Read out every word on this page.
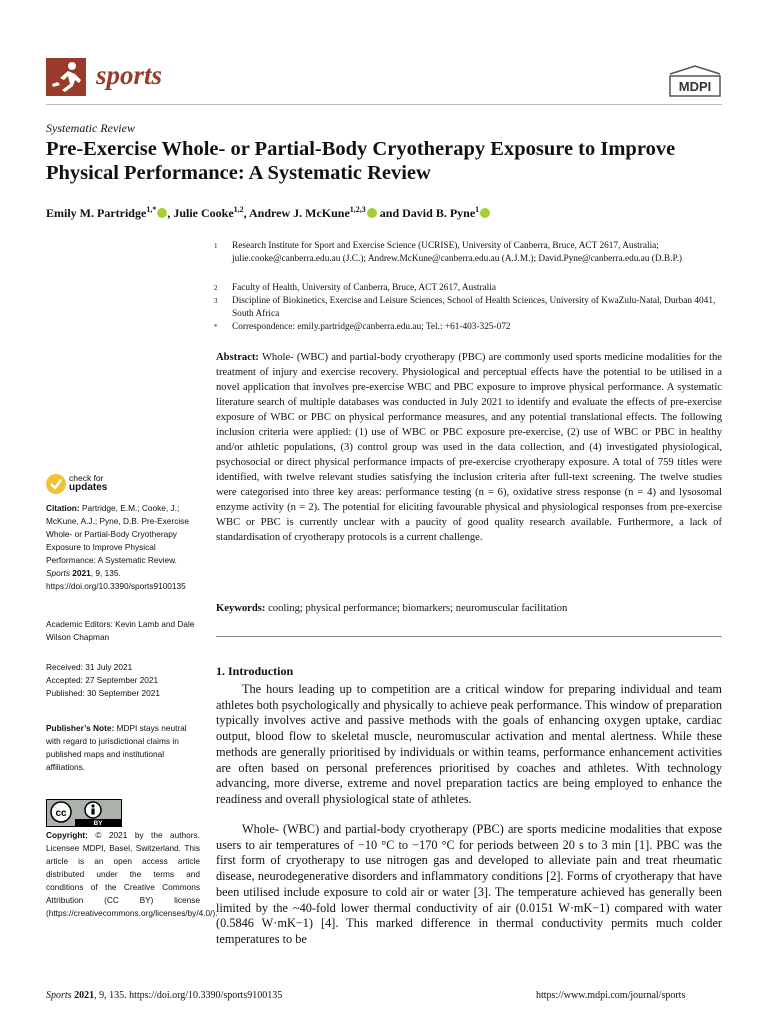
sports	MDPI
Systematic Review
Pre-Exercise Whole- or Partial-Body Cryotherapy Exposure to Improve Physical Performance: A Systematic Review
Emily M. Partridge$^{1,*}$ , Julie Cooke$^{1,2}$, Andrew J. McKune$^{1,2,3}$ and David B. Pyne$^1$
1 Research Institute for Sport and Exercise Science (UCRISE), University of Canberra, Bruce, ACT 2617, Australia; julie.cooke@canberra.edu.au (J.C.); Andrew.McKune@canberra.edu.au (A.J.M.); David.Pyne@canberra.edu.au (D.B.P.)
2 Faculty of Health, University of Canberra, Bruce, ACT 2617, Australia
3 Discipline of Biokinetics, Exercise and Leisure Sciences, School of Health Sciences, University of KwaZulu-Natal, Durban 4041, South Africa
* Correspondence: emily.partridge@canberra.edu.au; Tel.: +61-403-325-072
Abstract: Whole- (WBC) and partial-body cryotherapy (PBC) are commonly used sports medicine modalities for the treatment of injury and exercise recovery. Physiological and perceptual effects have the potential to be utilised in a novel application that involves pre-exercise WBC and PBC exposure to improve physical performance. A systematic literature search of multiple databases was conducted in July 2021 to identify and evaluate the effects of pre-exercise exposure of WBC or PBC on physical performance measures, and any potential translational effects. The following inclusion criteria were applied: (1) use of WBC or PBC exposure pre-exercise, (2) use of WBC or PBC in healthy and/or athletic populations, (3) control group was used in the data collection, and (4) investigated physiological, psychosocial or direct physical performance impacts of pre-exercise cryotherapy exposure. A total of 759 titles were identified, with twelve relevant studies satisfying the inclusion criteria after full-text screening. The twelve studies were categorised into three key areas: performance testing (n = 6), oxidative stress response (n = 4) and lysosomal enzyme activity (n = 2). The potential for eliciting favourable physical and physiological responses from pre-exercise WBC or PBC is currently unclear with a paucity of good quality research available. Furthermore, a lack of standardisation of cryotherapy protocols is a current challenge.
Keywords: cooling; physical performance; biomarkers; neuromuscular facilitation
check for
updates
Citation: Partridge, E.M.; Cooke, J.; McKune, A.J.; Pyne, D.B. Pre-Exercise Whole- or Partial-Body Cryotherapy Exposure to Improve Physical Performance: A Systematic Review. Sports 2021, 9, 135. https://doi.org/10.3390/sports9100135
Academic Editors: Kevin Lamb and Dale Wilson Chapman
Received: 31 July 2021
Accepted: 27 September 2021
Published: 30 September 2021
Publisher’s Note: MDPI stays neutral with regard to jurisdictional claims in published maps and institutional affiliations.
cc
BY
Copyright: © 2021 by the authors. Licensee MDPI, Basel, Switzerland. This article is an open access article distributed under the terms and conditions of the Creative Commons Attribution (CC BY) license (https://creativecommons.org/licenses/by/4.0/).
1. Introduction
The hours leading up to competition are a critical window for preparing individual and team athletes both psychologically and physically to achieve peak performance. This window of preparation typically involves active and passive methods with the goals of enhancing oxygen uptake, cardiac output, blood flow to skeletal muscle, neuromuscular activation and mental alertness. While these methods are generally prioritised by individuals or within teams, performance enhancement activities are often based on personal preferences prioritised by coaches and athletes. With technology advancing, more diverse, extreme and novel preparation tactics are being employed to enhance the readiness and overall physiological state of athletes.
Whole- (WBC) and partial-body cryotherapy (PBC) are sports medicine modalities that expose users to air temperatures of −10 °C to −170 °C for periods between 20 s to 3 min [1]. PBC was the first form of cryotherapy to use nitrogen gas and developed to alleviate pain and treat rheumatic disease, neurodegenerative disorders and inflammatory conditions [2]. Forms of cryotherapy that have been utilised include exposure to cold air or water [3]. The temperature achieved has generally been limited by the ~40-fold lower thermal conductivity of air (0.0151 W·mK−1) compared with water (0.5846 W·mK−1) [4]. This marked difference in thermal conductivity permits much colder temperatures to be
Sports 2021, 9, 135. https://doi.org/10.3390/sports9100135	https://www.mdpi.com/journal/sports
